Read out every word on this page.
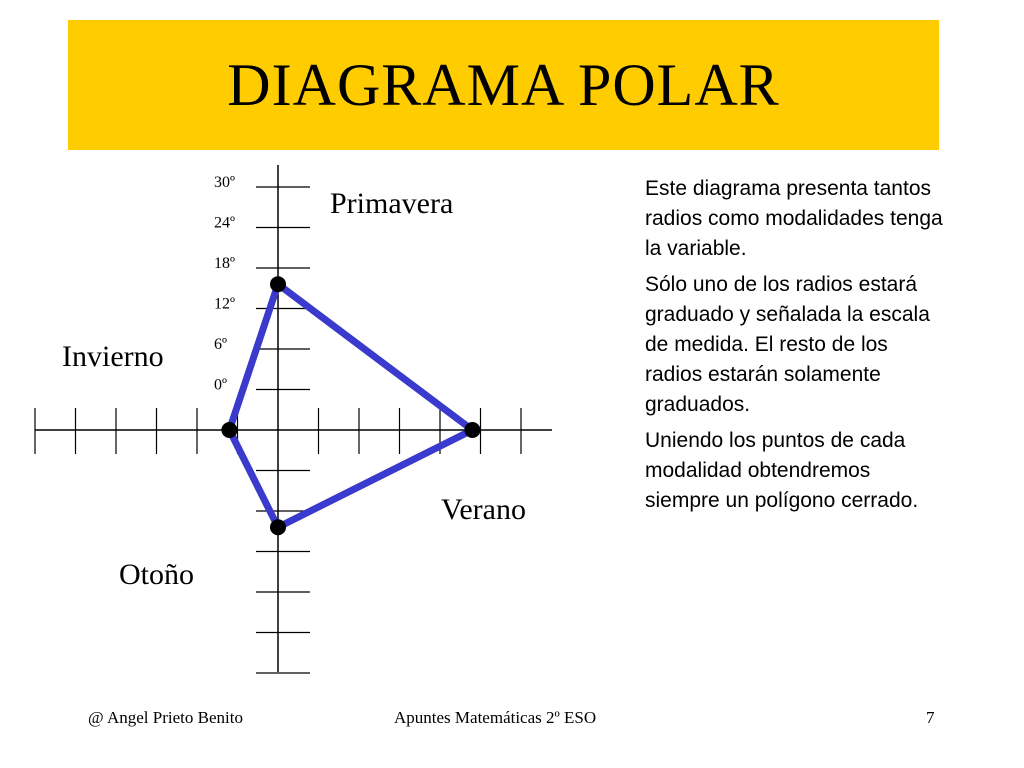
DIAGRAMA POLAR
0º
6º
12º
18º
24º
30º
Primavera
Verano
Otoño
Invierno

Este diagrama presenta tantos radios como modalidades tenga la variable.

Sólo uno de los radios estará graduado y señalada la escala de medida. El resto de los radios estarán solamente graduados.

Uniendo los puntos de cada modalidad obtendremos siempre un polígono cerrado.

@ Angel Prieto Benito	Apuntes Matemáticas 2º ESO	7
